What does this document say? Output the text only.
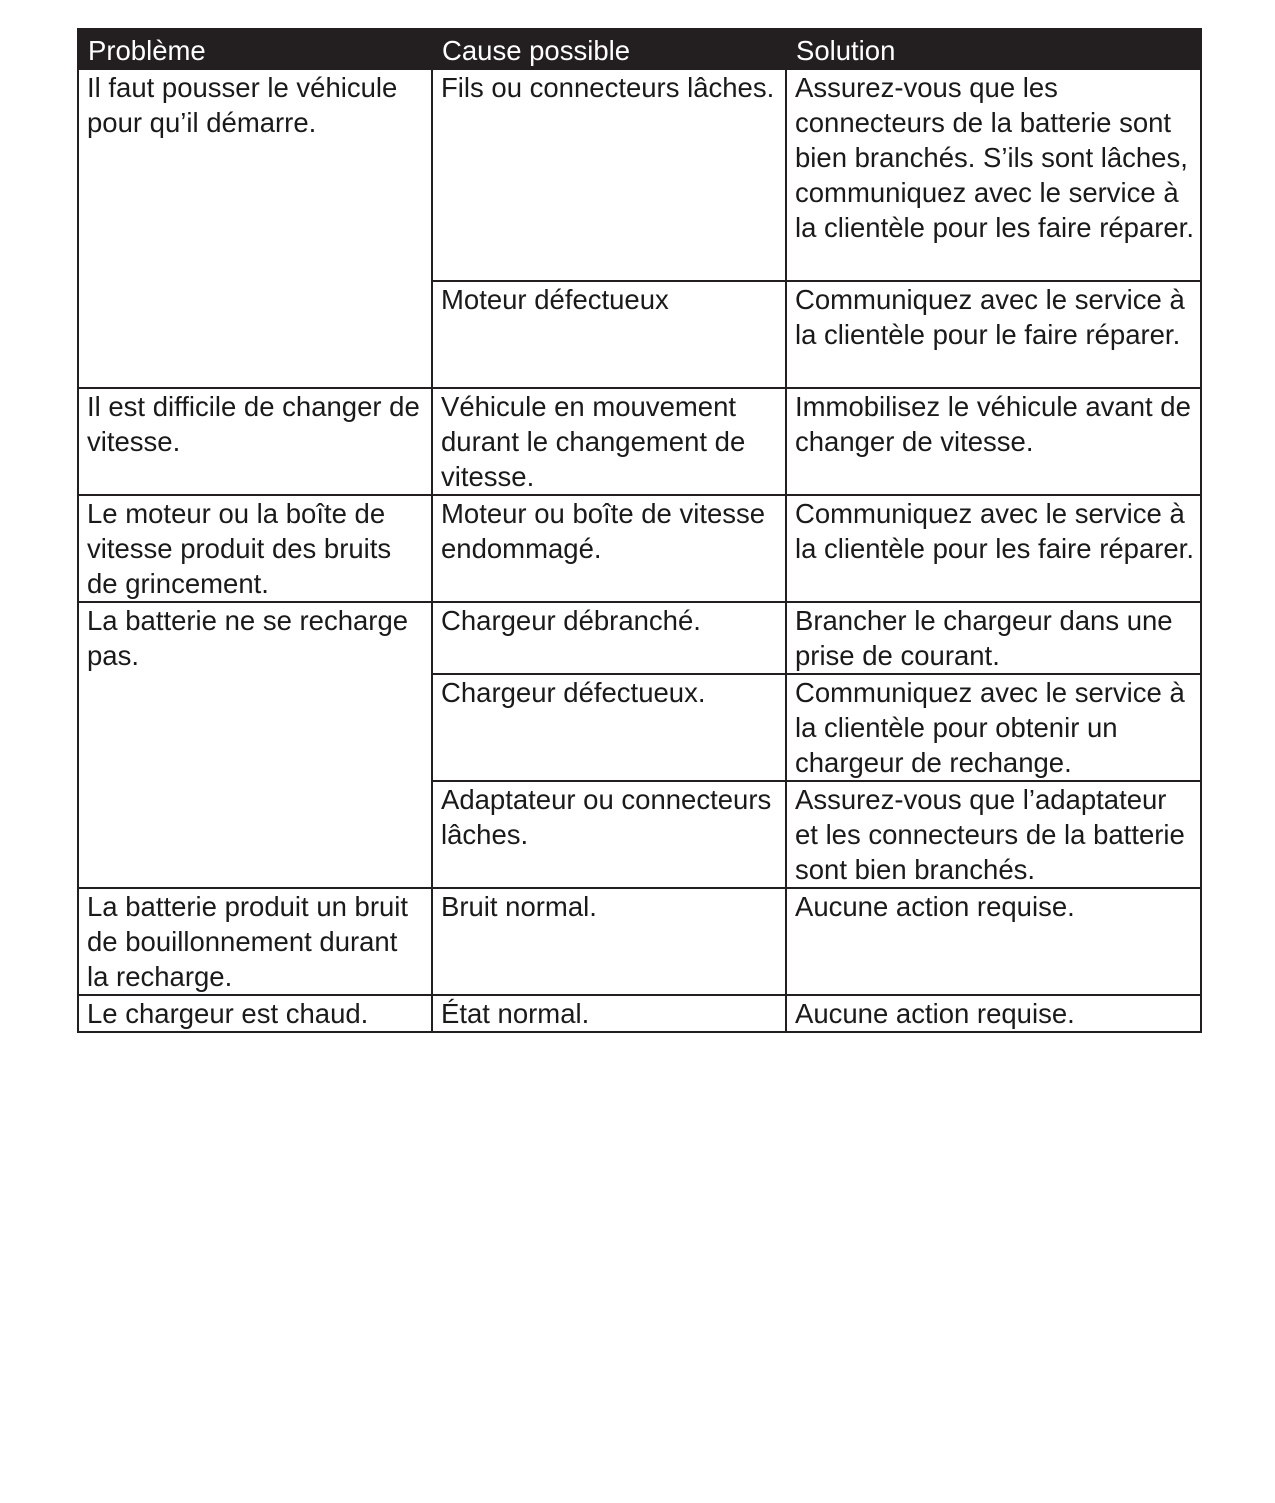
Problème	Cause possible	Solution
Il faut pousser le véhicule pour qu’il démarre.	Fils ou connecteurs lâches.	Assurez-vous que les connecteurs de la batterie sont bien branchés. S’ils sont lâches, communiquez avec le service à la clientèle pour les faire réparer.
	Moteur défectueux	Communiquez avec le service à la clientèle pour le faire réparer.
Il est difficile de changer de vitesse.	Véhicule en mouvement durant le changement de vitesse.	Immobilisez le véhicule avant de changer de vitesse.
Le moteur ou la boîte de vitesse produit des bruits de grincement.	Moteur ou boîte de vitesse endommagé.	Communiquez avec le service à la clientèle pour les faire réparer.
La batterie ne se recharge pas.	Chargeur débranché.	Brancher le chargeur dans une prise de courant.
	Chargeur défectueux.	Communiquez avec le service à la clientèle pour obtenir un chargeur de rechange.
	Adaptateur ou connecteurs lâches.	Assurez-vous que l’adaptateur et les connecteurs de la batterie sont bien branchés.
La batterie produit un bruit de bouillonnement durant la recharge.	Bruit normal.	Aucune action requise.
Le chargeur est chaud.	État normal.	Aucune action requise.
